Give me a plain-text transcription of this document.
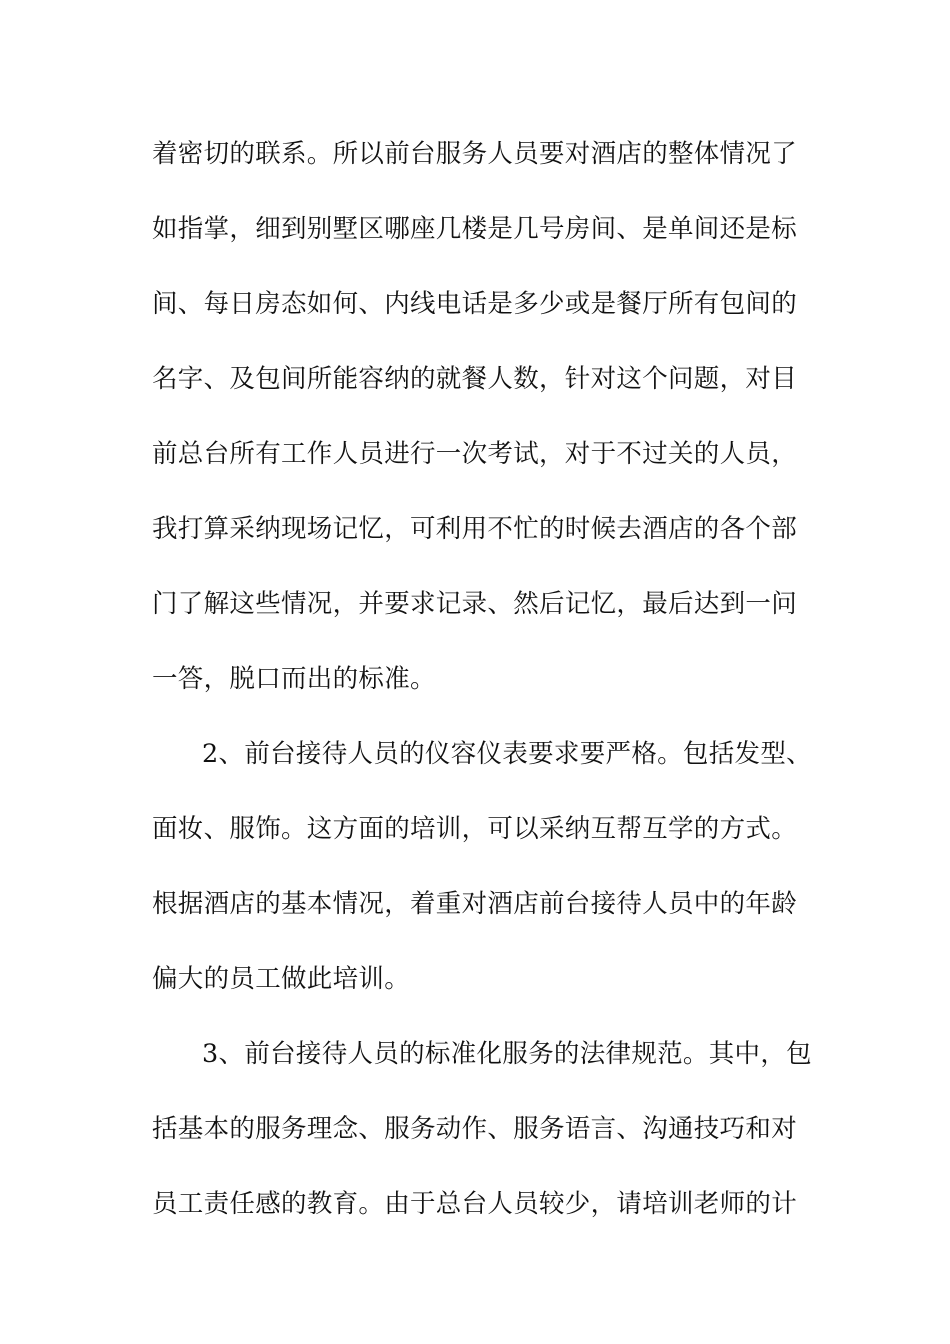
着密切的联系。所以前台服务人员要对酒店的整体情况了
如指掌，细到别墅区哪座几楼是几号房间、是单间还是标
间、每日房态如何、内线电话是多少或是餐厅所有包间的
名字、及包间所能容纳的就餐人数，针对这个问题，对目
前总台所有工作人员进行一次考试，对于不过关的人员，
我打算采纳现场记忆，可利用不忙的时候去酒店的各个部
门了解这些情况，并要求记录、然后记忆，最后达到一问
一答，脱口而出的标准。
2、前台接待人员的仪容仪表要求要严格。包括发型、
面妆、服饰。这方面的培训，可以采纳互帮互学的方式。
根据酒店的基本情况，着重对酒店前台接待人员中的年龄
偏大的员工做此培训。
3、前台接待人员的标准化服务的法律规范。其中，包
括基本的服务理念、服务动作、服务语言、沟通技巧和对
员工责任感的教育。由于总台人员较少，请培训老师的计
